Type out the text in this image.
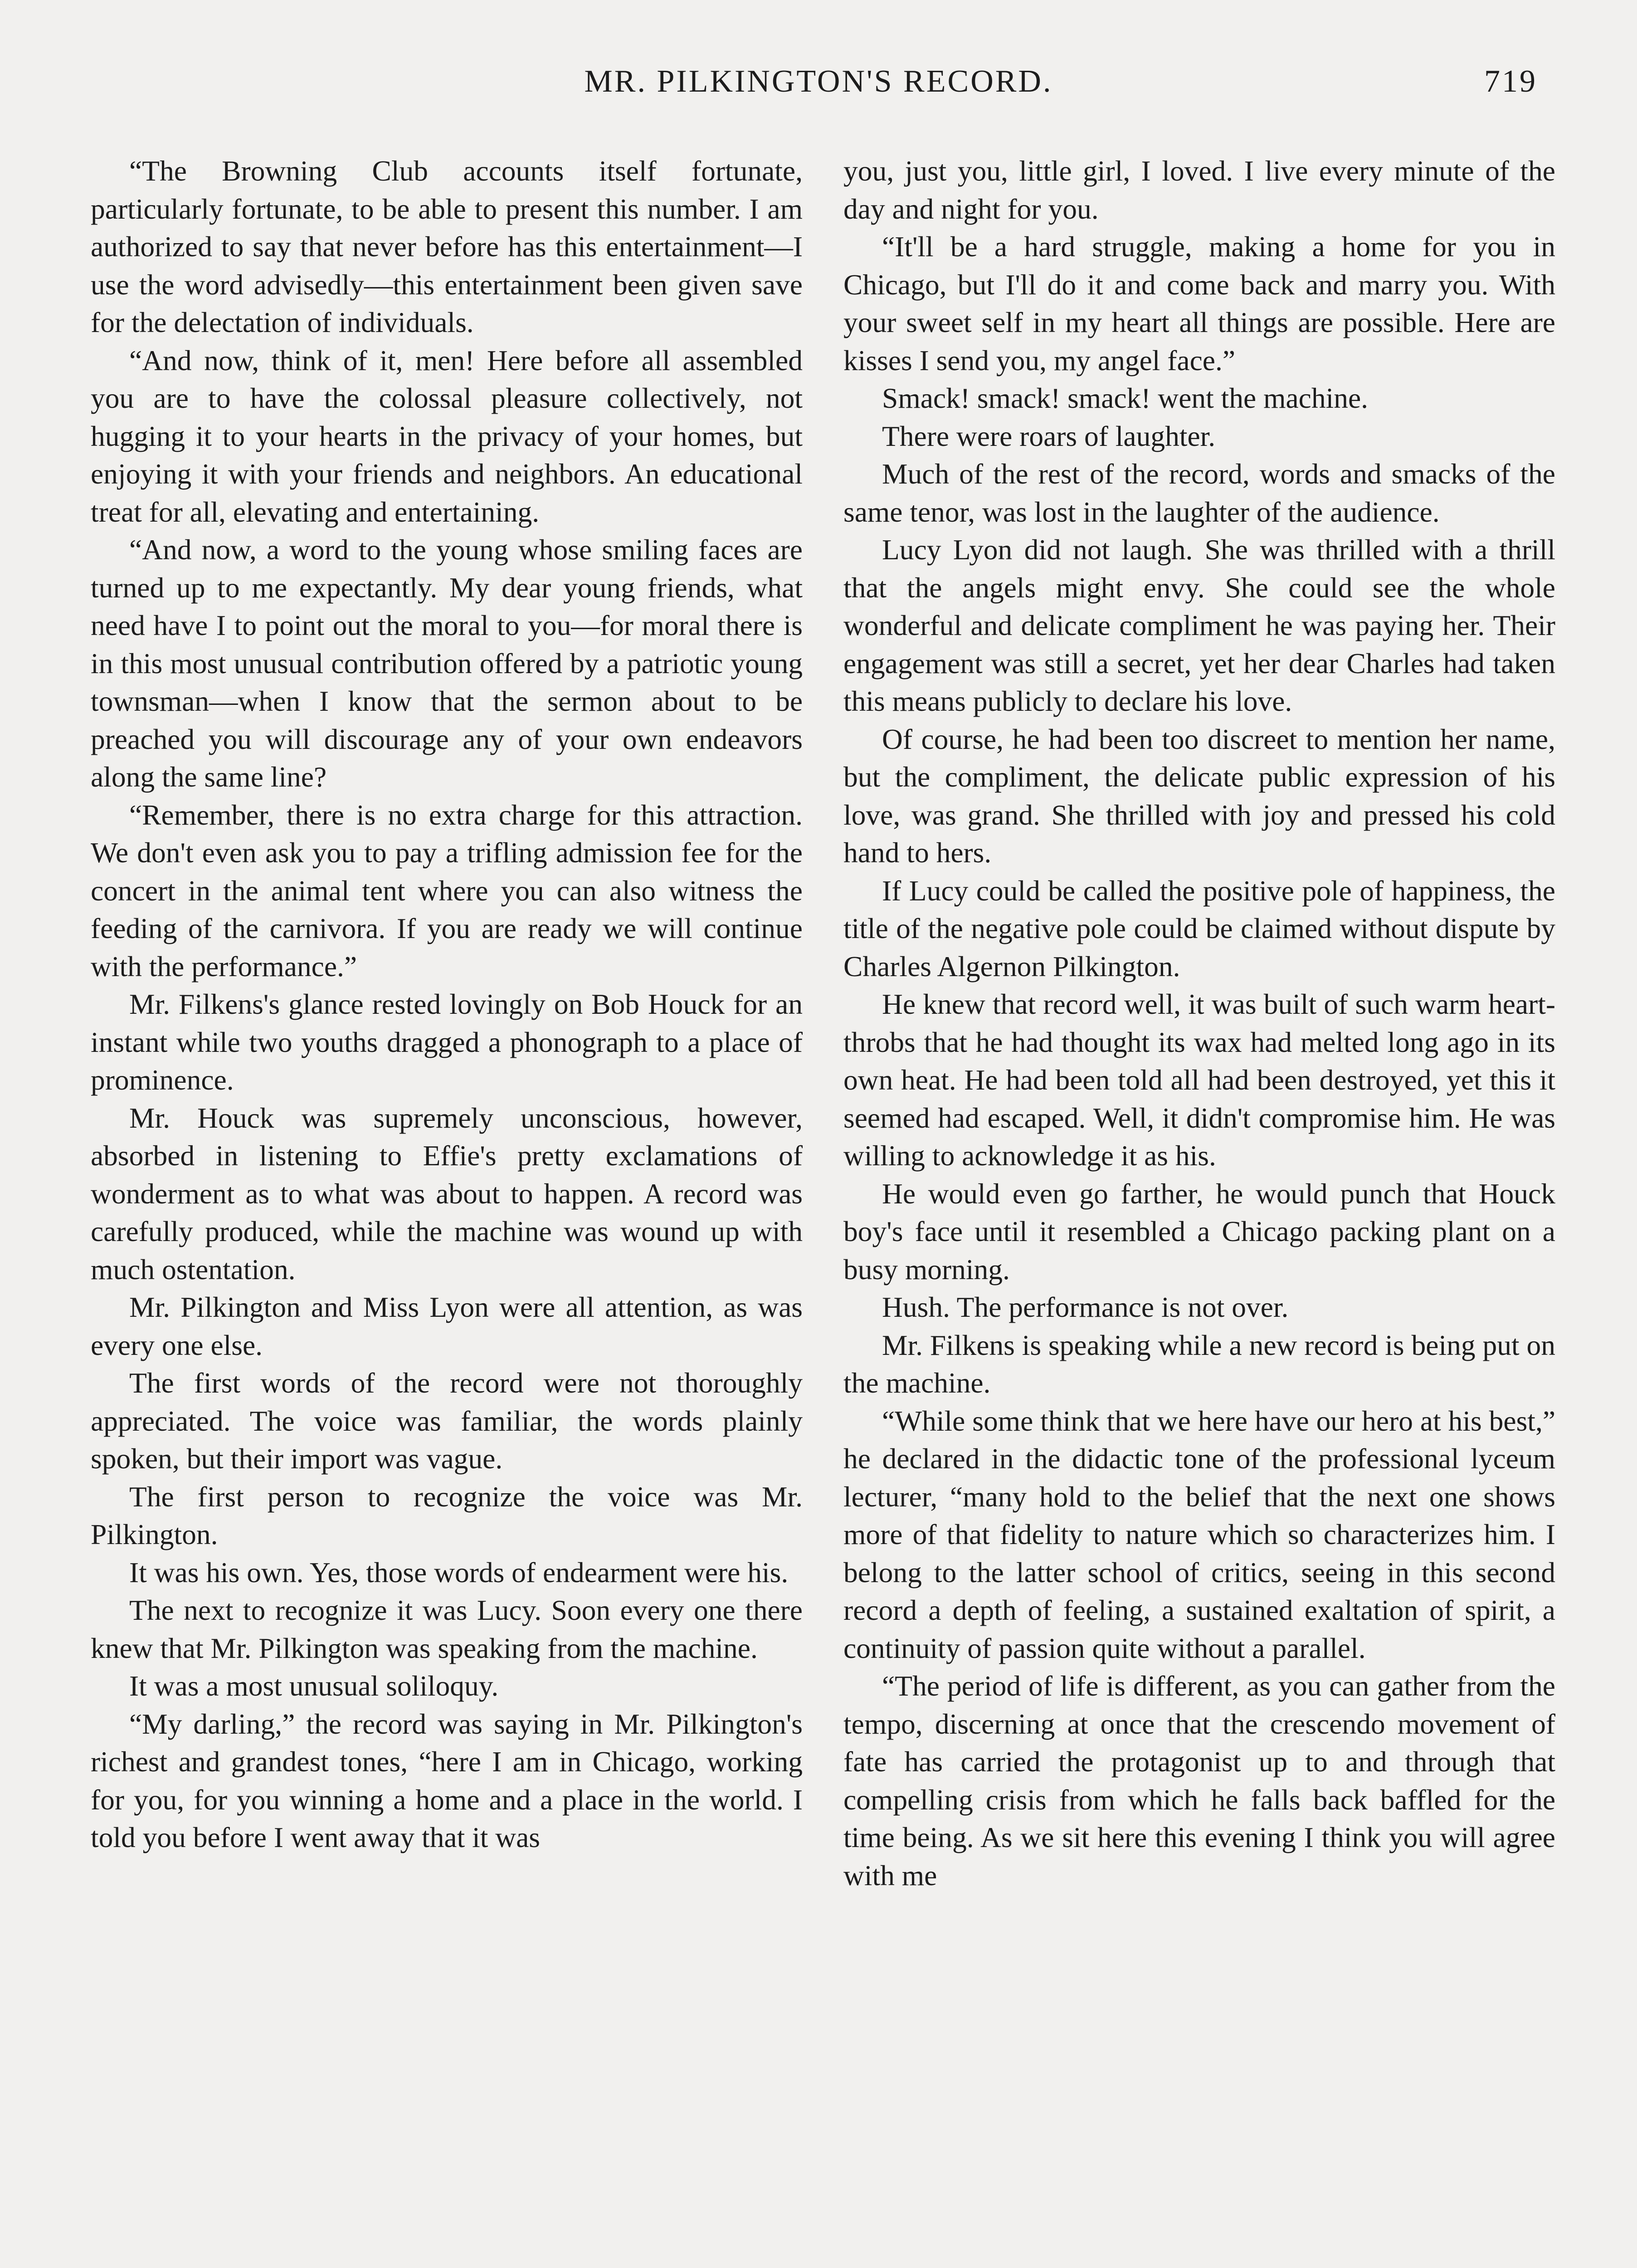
MR. PILKINGTON'S RECORD.	719

“The Browning Club accounts itself fortunate, particularly fortunate, to be able to present this number. I am authorized to say that never before has this entertainment—I use the word advisedly—this entertainment been given save for the delectation of individuals.

“And now, think of it, men! Here before all assembled you are to have the colossal pleasure collectively, not hugging it to your hearts in the privacy of your homes, but enjoying it with your friends and neighbors. An educational treat for all, elevating and entertaining.

“And now, a word to the young whose smiling faces are turned up to me expectantly. My dear young friends, what need have I to point out the moral to you—for moral there is in this most unusual contribution offered by a patriotic young townsman—when I know that the sermon about to be preached you will discourage any of your own endeavors along the same line?

“Remember, there is no extra charge for this attraction. We don't even ask you to pay a trifling admission fee for the concert in the animal tent where you can also witness the feeding of the carnivora. If you are ready we will continue with the performance.”

Mr. Filkens's glance rested lovingly on Bob Houck for an instant while two youths dragged a phonograph to a place of prominence.

Mr. Houck was supremely unconscious, however, absorbed in listening to Effie's pretty exclamations of wonderment as to what was about to happen. A record was carefully produced, while the machine was wound up with much ostentation.

Mr. Pilkington and Miss Lyon were all attention, as was every one else.

The first words of the record were not thoroughly appreciated. The voice was familiar, the words plainly spoken, but their import was vague.

The first person to recognize the voice was Mr. Pilkington.

It was his own. Yes, those words of endearment were his.

The next to recognize it was Lucy. Soon every one there knew that Mr. Pilkington was speaking from the machine.

It was a most unusual soliloquy.

“My darling,” the record was saying in Mr. Pilkington's richest and grandest tones, “here I am in Chicago, working for you, for you winning a home and a place in the world. I told you before I went away that it was

you, just you, little girl, I loved. I live every minute of the day and night for you.

“It'll be a hard struggle, making a home for you in Chicago, but I'll do it and come back and marry you. With your sweet self in my heart all things are possible. Here are kisses I send you, my angel face.”

Smack! smack! smack! went the machine.

There were roars of laughter.

Much of the rest of the record, words and smacks of the same tenor, was lost in the laughter of the audience.

Lucy Lyon did not laugh. She was thrilled with a thrill that the angels might envy. She could see the whole wonderful and delicate compliment he was paying her. Their engagement was still a secret, yet her dear Charles had taken this means publicly to declare his love.

Of course, he had been too discreet to mention her name, but the compliment, the delicate public expression of his love, was grand. She thrilled with joy and pressed his cold hand to hers.

If Lucy could be called the positive pole of happiness, the title of the negative pole could be claimed without dispute by Charles Algernon Pilkington.

He knew that record well, it was built of such warm heart-throbs that he had thought its wax had melted long ago in its own heat. He had been told all had been destroyed, yet this it seemed had escaped. Well, it didn't compromise him. He was willing to acknowledge it as his.

He would even go farther, he would punch that Houck boy's face until it resembled a Chicago packing plant on a busy morning.

Hush. The performance is not over.

Mr. Filkens is speaking while a new record is being put on the machine.

“While some think that we here have our hero at his best,” he declared in the didactic tone of the professional lyceum lecturer, “many hold to the belief that the next one shows more of that fidelity to nature which so characterizes him. I belong to the latter school of critics, seeing in this second record a depth of feeling, a sustained exaltation of spirit, a continuity of passion quite without a parallel.

“The period of life is different, as you can gather from the tempo, discerning at once that the crescendo movement of fate has carried the protagonist up to and through that compelling crisis from which he falls back baffled for the time being. As we sit here this evening I think you will agree with me
